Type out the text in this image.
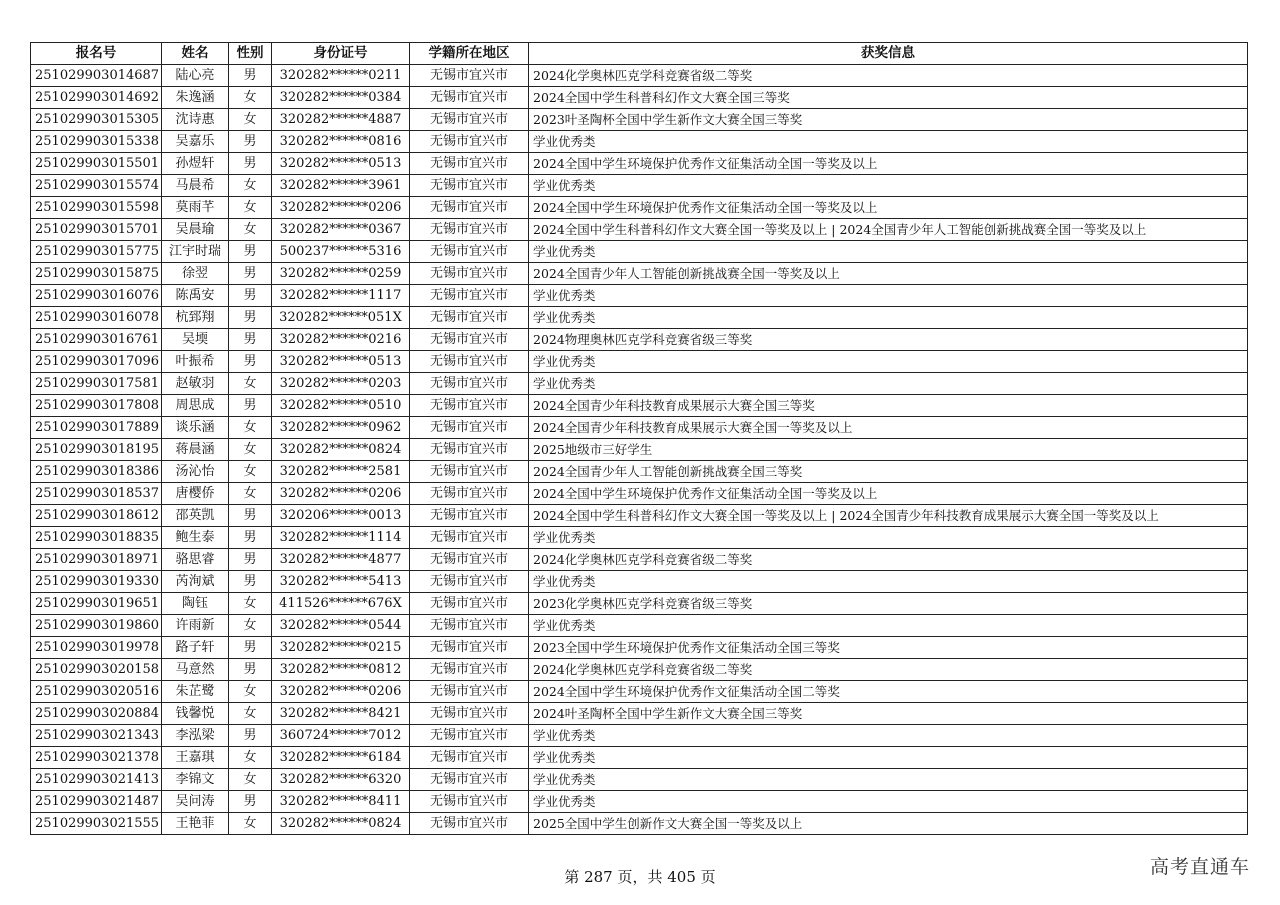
报名号	姓名	性别	身份证号	学籍所在地区	获奖信息
251029903014687	陆心亮	男	320282******0211	无锡市宜兴市	2024化学奥林匹克学科竞赛省级二等奖
251029903014692	朱逸涵	女	320282******0384	无锡市宜兴市	2024全国中学生科普科幻作文大赛全国三等奖
251029903015305	沈诗惠	女	320282******4887	无锡市宜兴市	2023叶圣陶杯全国中学生新作文大赛全国三等奖
251029903015338	吴嘉乐	男	320282******0816	无锡市宜兴市	学业优秀类
251029903015501	孙煜轩	男	320282******0513	无锡市宜兴市	2024全国中学生环境保护优秀作文征集活动全国一等奖及以上
251029903015574	马晨希	女	320282******3961	无锡市宜兴市	学业优秀类
251029903015598	莫雨芊	女	320282******0206	无锡市宜兴市	2024全国中学生环境保护优秀作文征集活动全国一等奖及以上
251029903015701	吴晨瑜	女	320282******0367	无锡市宜兴市	2024全国中学生科普科幻作文大赛全国一等奖及以上 | 2024全国青少年人工智能创新挑战赛全国一等奖及以上
251029903015775	江宇时瑞	男	500237******5316	无锡市宜兴市	学业优秀类
251029903015875	徐翌	男	320282******0259	无锡市宜兴市	2024全国青少年人工智能创新挑战赛全国一等奖及以上
251029903016076	陈禹安	男	320282******1117	无锡市宜兴市	学业优秀类
251029903016078	杭郅翔	男	320282******051X	无锡市宜兴市	学业优秀类
251029903016761	吴堧	男	320282******0216	无锡市宜兴市	2024物理奥林匹克学科竞赛省级三等奖
251029903017096	叶振希	男	320282******0513	无锡市宜兴市	学业优秀类
251029903017581	赵敏羽	女	320282******0203	无锡市宜兴市	学业优秀类
251029903017808	周思成	男	320282******0510	无锡市宜兴市	2024全国青少年科技教育成果展示大赛全国三等奖
251029903017889	谈乐涵	女	320282******0962	无锡市宜兴市	2024全国青少年科技教育成果展示大赛全国一等奖及以上
251029903018195	蒋晨涵	女	320282******0824	无锡市宜兴市	2025地级市三好学生
251029903018386	汤沁怡	女	320282******2581	无锡市宜兴市	2024全国青少年人工智能创新挑战赛全国三等奖
251029903018537	唐樱侨	女	320282******0206	无锡市宜兴市	2024全国中学生环境保护优秀作文征集活动全国一等奖及以上
251029903018612	邵英凯	男	320206******0013	无锡市宜兴市	2024全国中学生科普科幻作文大赛全国一等奖及以上 | 2024全国青少年科技教育成果展示大赛全国一等奖及以上
251029903018835	鲍生泰	男	320282******1114	无锡市宜兴市	学业优秀类
251029903018971	骆思睿	男	320282******4877	无锡市宜兴市	2024化学奥林匹克学科竞赛省级二等奖
251029903019330	芮洵斌	男	320282******5413	无锡市宜兴市	学业优秀类
251029903019651	陶钰	女	411526******676X	无锡市宜兴市	2023化学奥林匹克学科竞赛省级三等奖
251029903019860	许雨新	女	320282******0544	无锡市宜兴市	学业优秀类
251029903019978	路子轩	男	320282******0215	无锡市宜兴市	2023全国中学生环境保护优秀作文征集活动全国三等奖
251029903020158	马意然	男	320282******0812	无锡市宜兴市	2024化学奥林匹克学科竞赛省级二等奖
251029903020516	朱芷鹭	女	320282******0206	无锡市宜兴市	2024全国中学生环境保护优秀作文征集活动全国二等奖
251029903020884	钱馨悦	女	320282******8421	无锡市宜兴市	2024叶圣陶杯全国中学生新作文大赛全国三等奖
251029903021343	李泓梁	男	360724******7012	无锡市宜兴市	学业优秀类
251029903021378	王嘉琪	女	320282******6184	无锡市宜兴市	学业优秀类
251029903021413	李锦文	女	320282******6320	无锡市宜兴市	学业优秀类
251029903021487	吴问涛	男	320282******8411	无锡市宜兴市	学业优秀类
251029903021555	王艳菲	女	320282******0824	无锡市宜兴市	2025全国中学生创新作文大赛全国一等奖及以上
第 287 页，共 405 页	高考直通车
